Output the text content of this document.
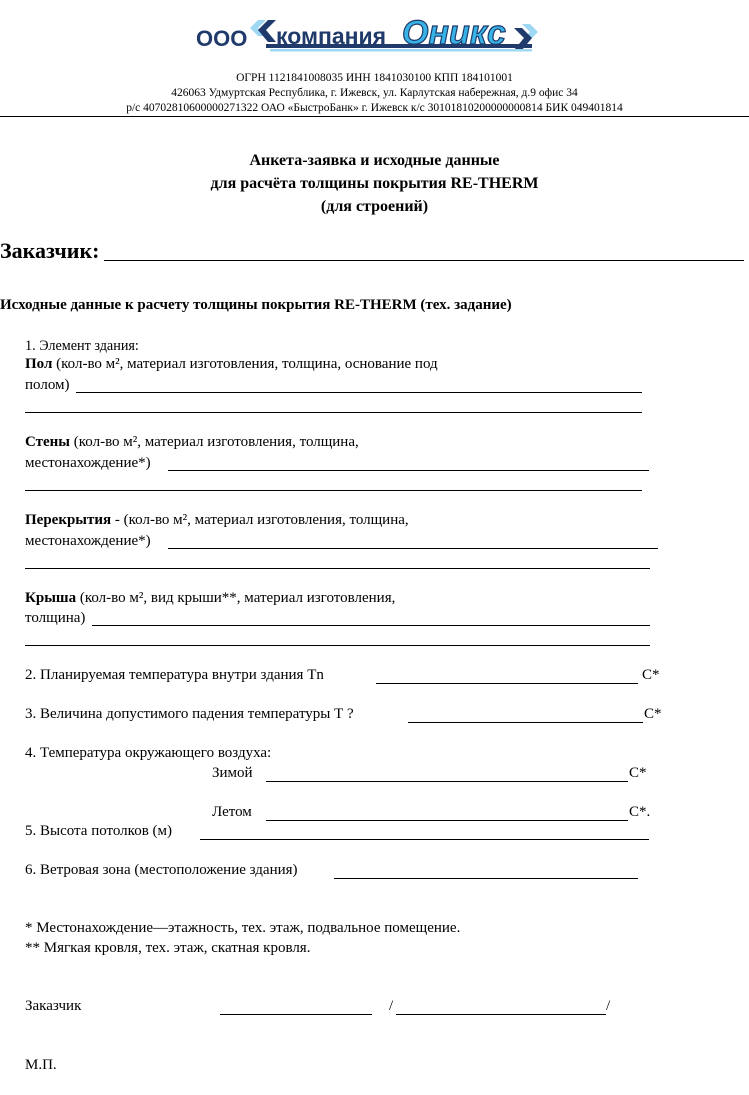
Оникс
ООО компания
ОГРН 1121841008035 ИНН 1841030100 КПП 184101001
426063 Удмуртская Республика, г. Ижевск, ул. Карлутская набережная, д.9 офис 34
р/с 40702810600000271322 ОАО «БыстроБанк» г. Ижевск к/с 30101810200000000814 БИК 049401814
Анкета-заявка и исходные данные
для расчёта толщины покрытия RE-THERM
(для строений)
Заказчик:
Исходные данные к расчету толщины покрытия RE-THERM (тех. задание)
1. Элемент здания:
Пол (кол-во м², материал изготовления, толщина, основание под
полом)
Стены (кол-во м², материал изготовления, толщина,
местонахождение*)
Перекрытия - (кол-во м², материал изготовления, толщина,
местонахождение*)
Крыша (кол-во м², вид крыши**, материал изготовления,
толщина)
2. Планируемая температура внутри здания Tn	С*
3. Величина допустимого падения температуры Т ?	С*
4. Температура окружающего воздуха:
Зимой	С*
Летом	С*.
5. Высота потолков (м)
6. Ветровая зона (местоположение здания)
* Местонахождение—этажность, тех. этаж, подвальное помещение.
** Мягкая кровля, тех. этаж, скатная кровля.
Заказчик	/	/
М.П.
